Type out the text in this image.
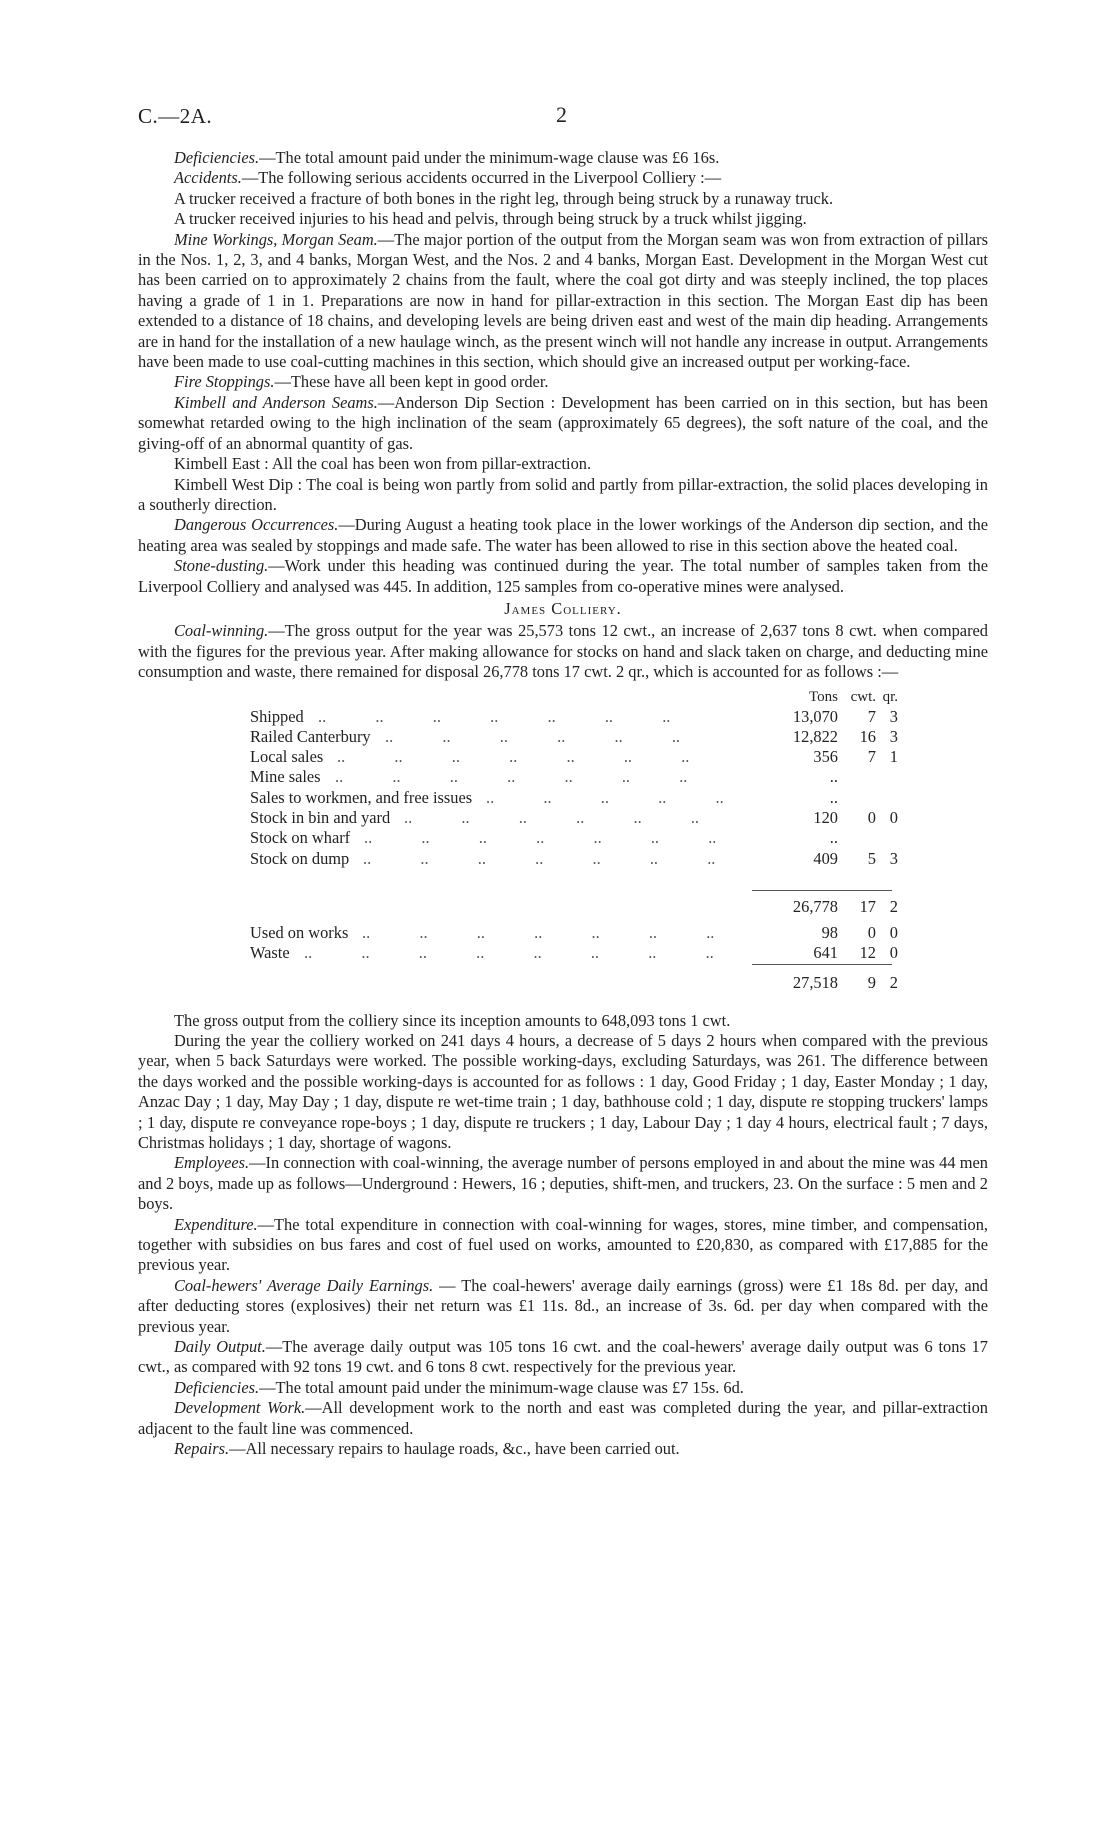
C.—2A.	2

Deficiencies.—The total amount paid under the minimum-wage clause was £6 16s.

Accidents.—The following serious accidents occurred in the Liverpool Colliery :—

A trucker received a fracture of both bones in the right leg, through being struck by a runaway truck.

A trucker received injuries to his head and pelvis, through being struck by a truck whilst jigging.

Mine Workings, Morgan Seam.—The major portion of the output from the Morgan seam was won from extraction of pillars in the Nos. 1, 2, 3, and 4 banks, Morgan West, and the Nos. 2 and 4 banks, Morgan East. Development in the Morgan West cut has been carried on to approximately 2 chains from the fault, where the coal got dirty and was steeply inclined, the top places having a grade of 1 in 1. Preparations are now in hand for pillar-extraction in this section. The Morgan East dip has been extended to a distance of 18 chains, and developing levels are being driven east and west of the main dip heading. Arrangements are in hand for the installation of a new haulage winch, as the present winch will not handle any increase in output. Arrangements have been made to use coal-cutting machines in this section, which should give an increased output per working-face.

Fire Stoppings.—These have all been kept in good order.

Kimbell and Anderson Seams.—Anderson Dip Section : Development has been carried on in this section, but has been somewhat retarded owing to the high inclination of the seam (approximately 65 degrees), the soft nature of the coal, and the giving-off of an abnormal quantity of gas.

Kimbell East : All the coal has been won from pillar-extraction.

Kimbell West Dip : The coal is being won partly from solid and partly from pillar-extraction, the solid places developing in a southerly direction.

Dangerous Occurrences.—During August a heating took place in the lower workings of the Anderson dip section, and the heating area was sealed by stoppings and made safe. The water has been allowed to rise in this section above the heated coal.

Stone-dusting.—Work under this heading was continued during the year. The total number of samples taken from the Liverpool Colliery and analysed was 445. In addition, 125 samples from co-operative mines were analysed.

James Colliery.

Coal-winning.—The gross output for the year was 25,573 tons 12 cwt., an increase of 2,637 tons 8 cwt. when compared with the figures for the previous year. After making allowance for stocks on hand and slack taken on charge, and deducting mine consumption and waste, there remained for disposal 26,778 tons 17 cwt. 2 qr., which is accounted for as follows :—

Tons cwt. qr.
Shipped ..   ..   ..   ..   ..   ..   ..	13,070	7 3
Railed Canterbury ..   ..   ..   ..   ..   ..	12,822	16 3
Local sales ..   ..   ..   ..   ..   ..   ..	356	7 1
Mine sales ..   ..   ..   ..   ..   ..   ..	..
Sales to workmen, and free issues ..   ..   ..   ..   ..	..
Stock in bin and yard ..   ..   ..   ..   ..   ..	120	0 0
Stock on wharf ..   ..   ..   ..   ..   ..   ..	..
Stock on dump ..   ..   ..   ..   ..   ..   ..	409	5 3
26,778	17 2
Used on works ..   ..   ..   ..   ..   ..   ..	98	0 0
Waste ..   ..   ..   ..   ..   ..   ..   ..	641	12 0
27,518	9 2

The gross output from the colliery since its inception amounts to 648,093 tons 1 cwt.

During the year the colliery worked on 241 days 4 hours, a decrease of 5 days 2 hours when compared with the previous year, when 5 back Saturdays were worked. The possible working-days, excluding Saturdays, was 261. The difference between the days worked and the possible working-days is accounted for as follows : 1 day, Good Friday ; 1 day, Easter Monday ; 1 day, Anzac Day ; 1 day, May Day ; 1 day, dispute re wet-time train ; 1 day, bathhouse cold ; 1 day, dispute re stopping truckers' lamps ; 1 day, dispute re conveyance rope-boys ; 1 day, dispute re truckers ; 1 day, Labour Day ; 1 day 4 hours, electrical fault ; 7 days, Christmas holidays ; 1 day, shortage of wagons.

Employees.—In connection with coal-winning, the average number of persons employed in and about the mine was 44 men and 2 boys, made up as follows—Underground : Hewers, 16 ; deputies, shift-men, and truckers, 23. On the surface : 5 men and 2 boys.

Expenditure.—The total expenditure in connection with coal-winning for wages, stores, mine timber, and compensation, together with subsidies on bus fares and cost of fuel used on works, amounted to £20,830, as compared with £17,885 for the previous year.

Coal-hewers' Average Daily Earnings. — The coal-hewers' average daily earnings (gross) were £1 18s 8d. per day, and after deducting stores (explosives) their net return was £1 11s. 8d., an increase of 3s. 6d. per day when compared with the previous year.

Daily Output.—The average daily output was 105 tons 16 cwt. and the coal-hewers' average daily output was 6 tons 17 cwt., as compared with 92 tons 19 cwt. and 6 tons 8 cwt. respectively for the previous year.

Deficiencies.—The total amount paid under the minimum-wage clause was £7 15s. 6d.

Development Work.—All development work to the north and east was completed during the year, and pillar-extraction adjacent to the fault line was commenced.

Repairs.—All necessary repairs to haulage roads, &c., have been carried out.
